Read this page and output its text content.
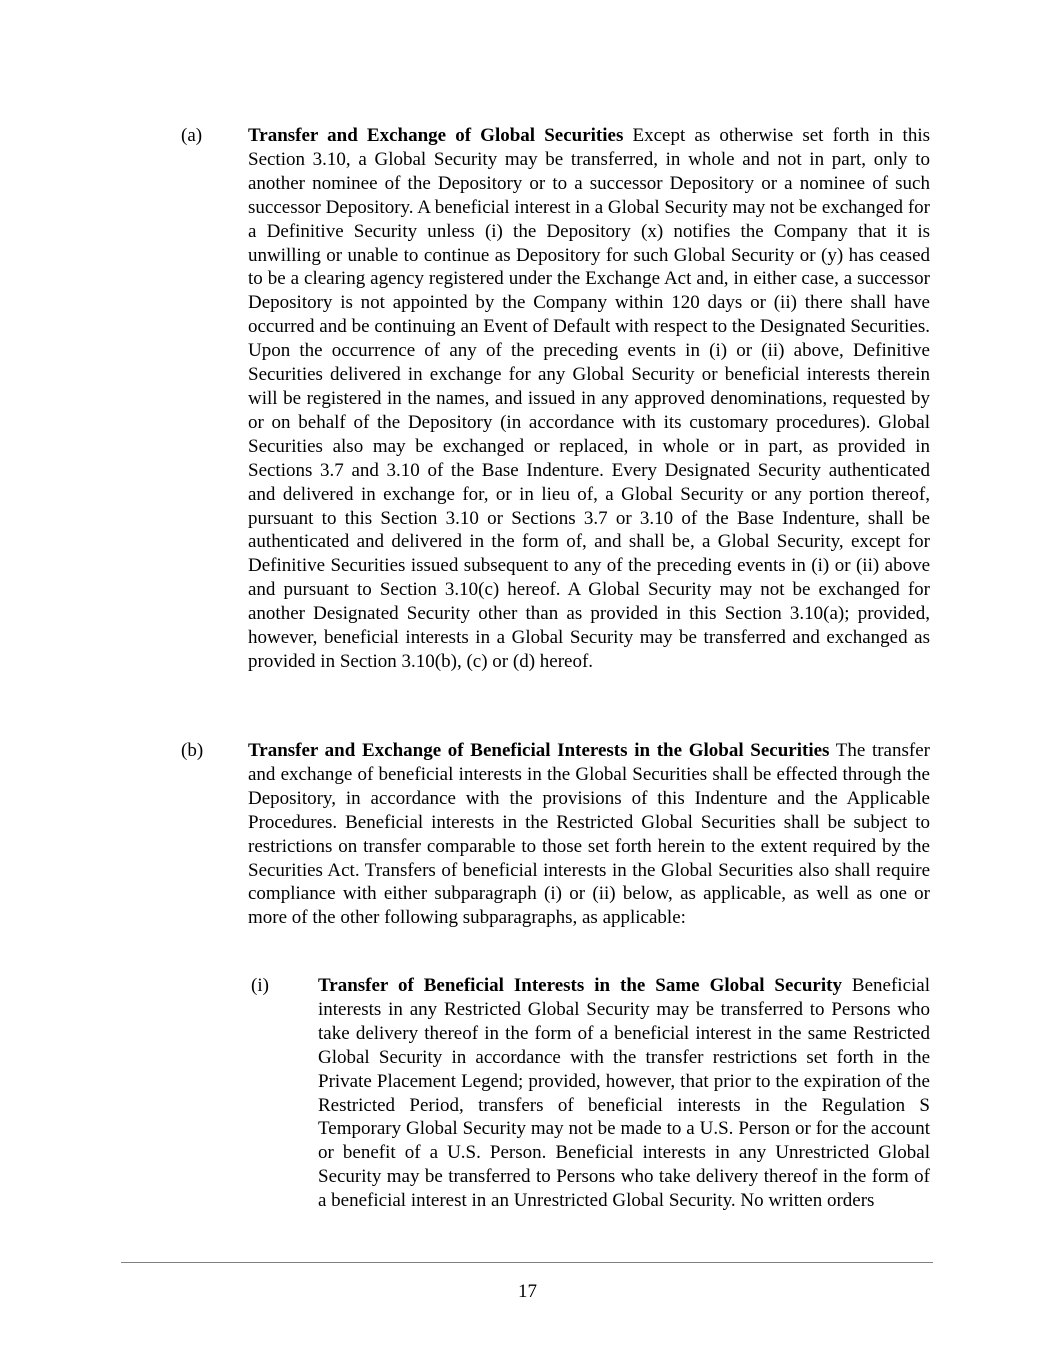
(a) Transfer and Exchange of Global Securities Except as otherwise set forth in this Section 3.10, a Global Security may be transferred, in whole and not in part, only to another nominee of the Depository or to a successor Depository or a nominee of such successor Depository. A beneficial interest in a Global Security may not be exchanged for a Definitive Security unless (i) the Depository (x) notifies the Company that it is unwilling or unable to continue as Depository for such Global Security or (y) has ceased to be a clearing agency registered under the Exchange Act and, in either case, a successor Depository is not appointed by the Company within 120 days or (ii) there shall have occurred and be continuing an Event of Default with respect to the Designated Securities. Upon the occurrence of any of the preceding events in (i) or (ii) above, Definitive Securities delivered in exchange for any Global Security or beneficial interests therein will be registered in the names, and issued in any approved denominations, requested by or on behalf of the Depository (in accordance with its customary procedures). Global Securities also may be exchanged or replaced, in whole or in part, as provided in Sections 3.7 and 3.10 of the Base Indenture. Every Designated Security authenticated and delivered in exchange for, or in lieu of, a Global Security or any portion thereof, pursuant to this Section 3.10 or Sections 3.7 or 3.10 of the Base Indenture, shall be authenticated and delivered in the form of, and shall be, a Global Security, except for Definitive Securities issued subsequent to any of the preceding events in (i) or (ii) above and pursuant to Section 3.10(c) hereof. A Global Security may not be exchanged for another Designated Security other than as provided in this Section 3.10(a); provided, however, beneficial interests in a Global Security may be transferred and exchanged as provided in Section 3.10(b), (c) or (d) hereof.

(b) Transfer and Exchange of Beneficial Interests in the Global Securities The transfer and exchange of beneficial interests in the Global Securities shall be effected through the Depository, in accordance with the provisions of this Indenture and the Applicable Procedures. Beneficial interests in the Restricted Global Securities shall be subject to restrictions on transfer comparable to those set forth herein to the extent required by the Securities Act. Transfers of beneficial interests in the Global Securities also shall require compliance with either subparagraph (i) or (ii) below, as applicable, as well as one or more of the other following subparagraphs, as applicable:

(i)	Transfer of Beneficial Interests in the Same Global Security Beneficial interests in any Restricted Global Security may be transferred to Persons who take delivery thereof in the form of a beneficial interest in the same Restricted Global Security in accordance with the transfer restrictions set forth in the Private Placement Legend; provided, however, that prior to the expiration of the Restricted Period, transfers of beneficial interests in the Regulation S Temporary Global Security may not be made to a U.S. Person or for the account or benefit of a U.S. Person. Beneficial interests in any Unrestricted Global Security may be transferred to Persons who take delivery thereof in the form of a beneficial interest in an Unrestricted Global Security. No written orders

17
